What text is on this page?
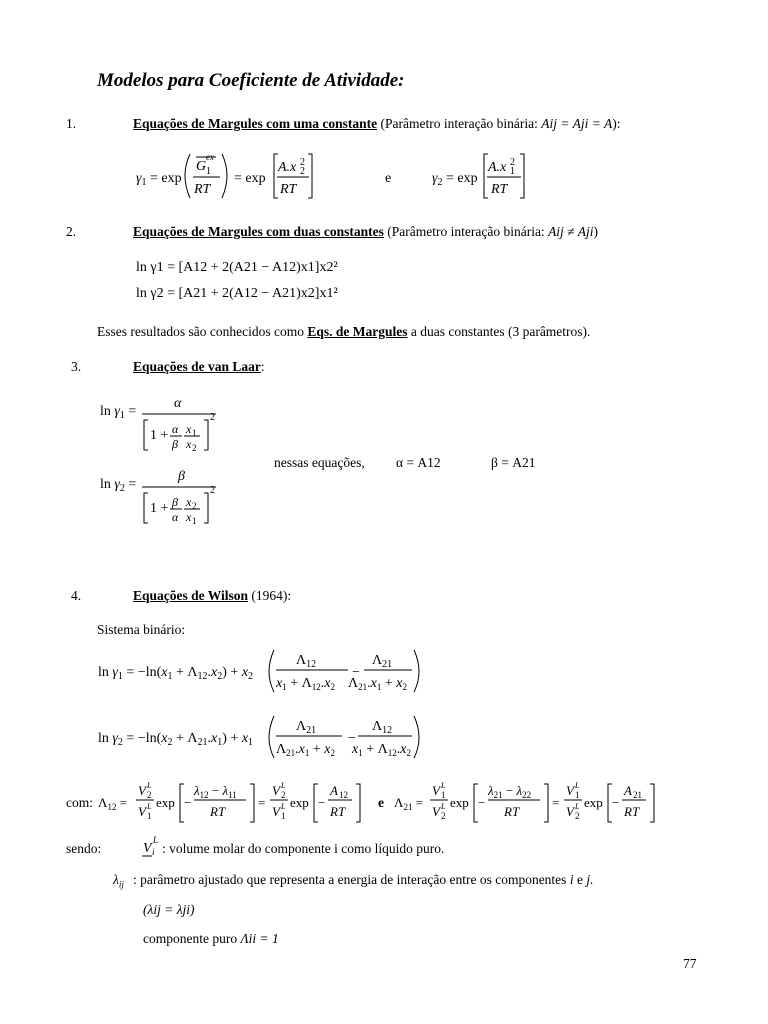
Modelos para Coeficiente de Atividade:
1.	Equações de Margules com uma constante (Parâmetro interação binária: Aij = Aji = A):
$\gamma_1 = \exp$
G 1
ex
RT
= exp
A.x 2
2
RT
e	$\gamma_2 = \exp$
A.x 1
2
RT
2.	Equações de Margules com duas constantes (Parâmetro interação binária: Aij ≠ Aji)
ln γ1 = [A12 + 2(A21 − A12)x1]x2²
ln γ2 = [A21 + 2(A12 − A21)x2]x1²
Esses resultados são conhecidos como Eqs. de Margules a duas constantes (3 parâmetros).
3.	Equações de van Laar:
$\ln \gamma_1$ =
α
2
1 + α
β
x 1
x 2
$\ln \gamma_2$ =
β
2
1 + β
α
x 2
x 1
nessas equações, α = A12	β = A21
4.	Equações de Wilson (1964):
Sistema binário:
$\ln \gamma_1 = -\ln(x_1 + \Lambda_{12}.x_2) + x_2$
$\Lambda_{12}$
$x_1 + \Lambda_{12}.x_2$
−
$\Lambda_{21}$
$\Lambda_{21}.x_1 + x_2$
$\ln \gamma_2 = -\ln(x_2 + \Lambda_{21}.x_1) + x_1$
$\Lambda_{21}$
$\Lambda_{21}.x_1 + x_2$
−
$\Lambda_{12}$
$x_1 + \Lambda_{12}.x_2$
com: $\Lambda_{12}$ =
V 2
L
V 1
L exp −
$\lambda_{12} - \lambda_{11}$
RT
=
V 2
L
V 1
L exp −
A 12
RT
$\Lambda_{21}$ =
V 1
L
V 2
L exp −
$\lambda_{21} - \lambda_{22}$
RT
=
V 1
L
V 2
L exp −
A 21
RT
e
sendo:	V
L
i : volume molar do componente i como líquido puro.
$\lambda_{ij}$ : parâmetro ajustado que representa a energia de interação entre os componentes i e j.
(λij = λji)
componente puro Λii = 1
77
